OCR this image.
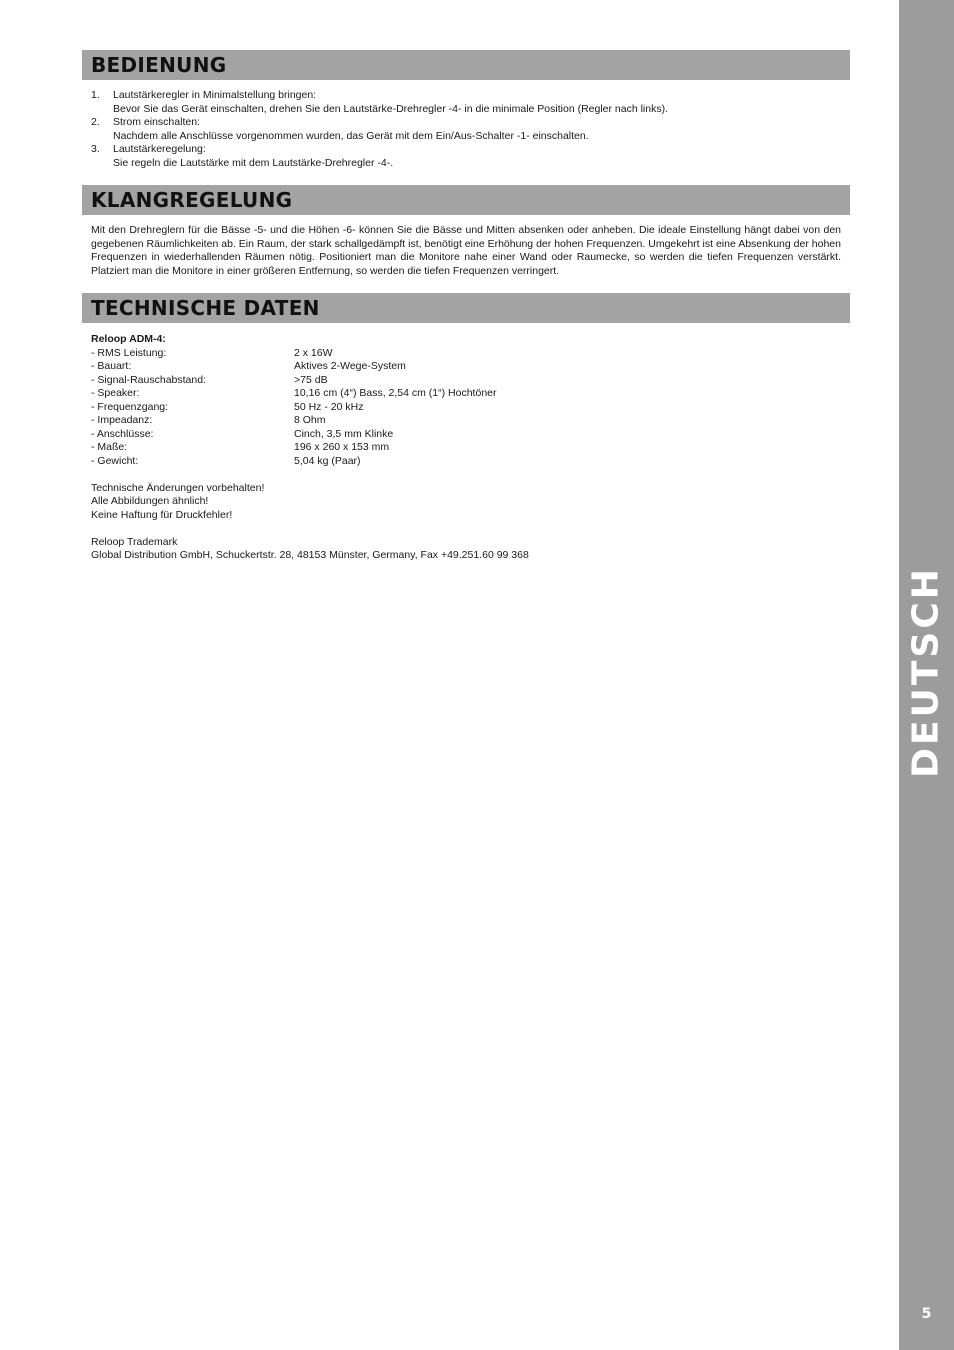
DEUTSCH
5
BEDIENUNG
1.	Lautstärkeregler in Minimalstellung bringen:
Bevor Sie das Gerät einschalten, drehen Sie den Lautstärke-Drehregler -4- in die minimale Position (Regler nach links).
2.	Strom einschalten:
Nachdem alle Anschlüsse vorgenommen wurden, das Gerät mit dem Ein/Aus-Schalter -1- einschalten.
3.	Lautstärkeregelung:
Sie regeln die Lautstärke mit dem Lautstärke-Drehregler -4-.
KLANGREGELUNG
Mit den Drehreglern für die Bässe -5- und die Höhen -6- können Sie die Bässe und Mitten absenken oder anheben. Die ideale Einstellung hängt dabei von den gegebenen Räumlichkeiten ab. Ein Raum, der stark schallgedämpft ist, benötigt eine Erhöhung der hohen Frequenzen. Umgekehrt ist eine Absenkung der hohen Frequenzen in wiederhallenden Räumen nötig. Positioniert man die Monitore nahe einer Wand oder Raumecke, so werden die tiefen Frequenzen verstärkt. Platziert man die Monitore in einer größeren Entfernung, so werden die tiefen Frequenzen verringert.
TECHNISCHE DATEN
Reloop ADM-4:
- RMS Leistung:	2 x 16W
- Bauart:	Aktives 2-Wege-System
- Signal-Rauschabstand:	>75 dB
- Speaker:	10,16 cm (4“) Bass, 2,54 cm (1“) Hochtöner
- Frequenzgang:	50 Hz - 20 kHz
- Impeadanz:	8 Ohm
- Anschlüsse:	Cinch, 3,5 mm Klinke
- Maße:	196 x 260 x 153 mm
- Gewicht:	5,04 kg (Paar)
Technische Änderungen vorbehalten!
Alle Abbildungen ähnlich!
Keine Haftung für Druckfehler!
Reloop Trademark
Global Distribution GmbH, Schuckertstr. 28, 48153 Münster, Germany, Fax +49.251.60 99 368
